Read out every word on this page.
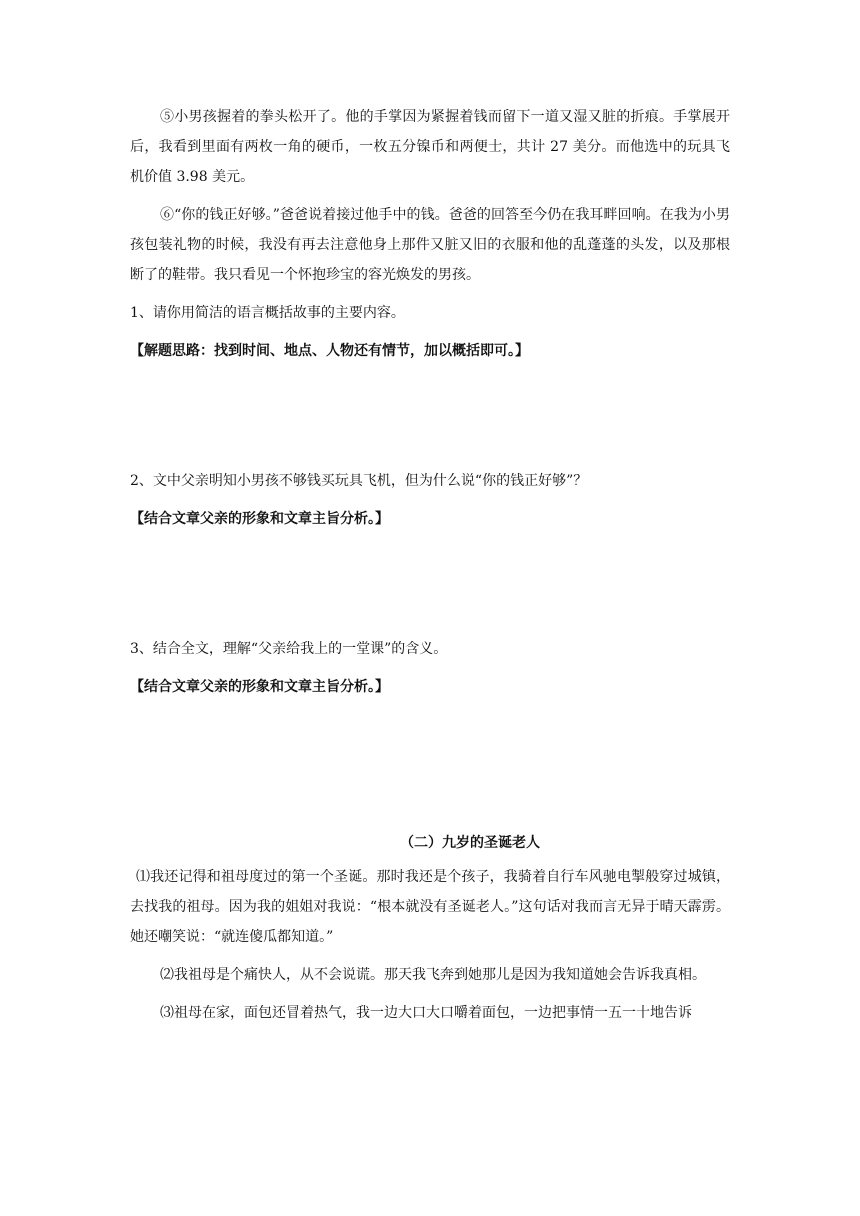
⑤小男孩握着的拳头松开了。他的手掌因为紧握着钱而留下一道又湿又脏的折痕。手掌展开后，我看到里面有两枚一角的硬币，一枚五分镍币和两便士，共计 27 美分。而他选中的玩具飞机价值 3.98 美元。

⑥“你的钱正好够。”爸爸说着接过他手中的钱。爸爸的回答至今仍在我耳畔回响。在我为小男孩包装礼物的时候，我没有再去注意他身上那件又脏又旧的衣服和他的乱蓬蓬的头发，以及那根断了的鞋带。我只看见一个怀抱珍宝的容光焕发的男孩。

1、请你用简洁的语言概括故事的主要内容。

【解题思路：找到时间、地点、人物还有情节，加以概括即可。】

2、文中父亲明知小男孩不够钱买玩具飞机，但为什么说“你的钱正好够”？

【结合文章父亲的形象和文章主旨分析。】

3、结合全文，理解“父亲给我上的一堂课”的含义。

【结合文章父亲的形象和文章主旨分析。】

（二）九岁的圣诞老人

⑴我还记得和祖母度过的第一个圣诞。那时我还是个孩子，我骑着自行车风驰电掣般穿过城镇，去找我的祖母。因为我的姐姐对我说：“根本就没有圣诞老人。”这句话对我而言无异于晴天霹雳。她还嘲笑说：“就连傻瓜都知道。”

⑵我祖母是个痛快人，从不会说谎。那天我飞奔到她那儿是因为我知道她会告诉我真相。

⑶祖母在家，面包还冒着热气，我一边大口大口嚼着面包，一边把事情一五一十地告诉
